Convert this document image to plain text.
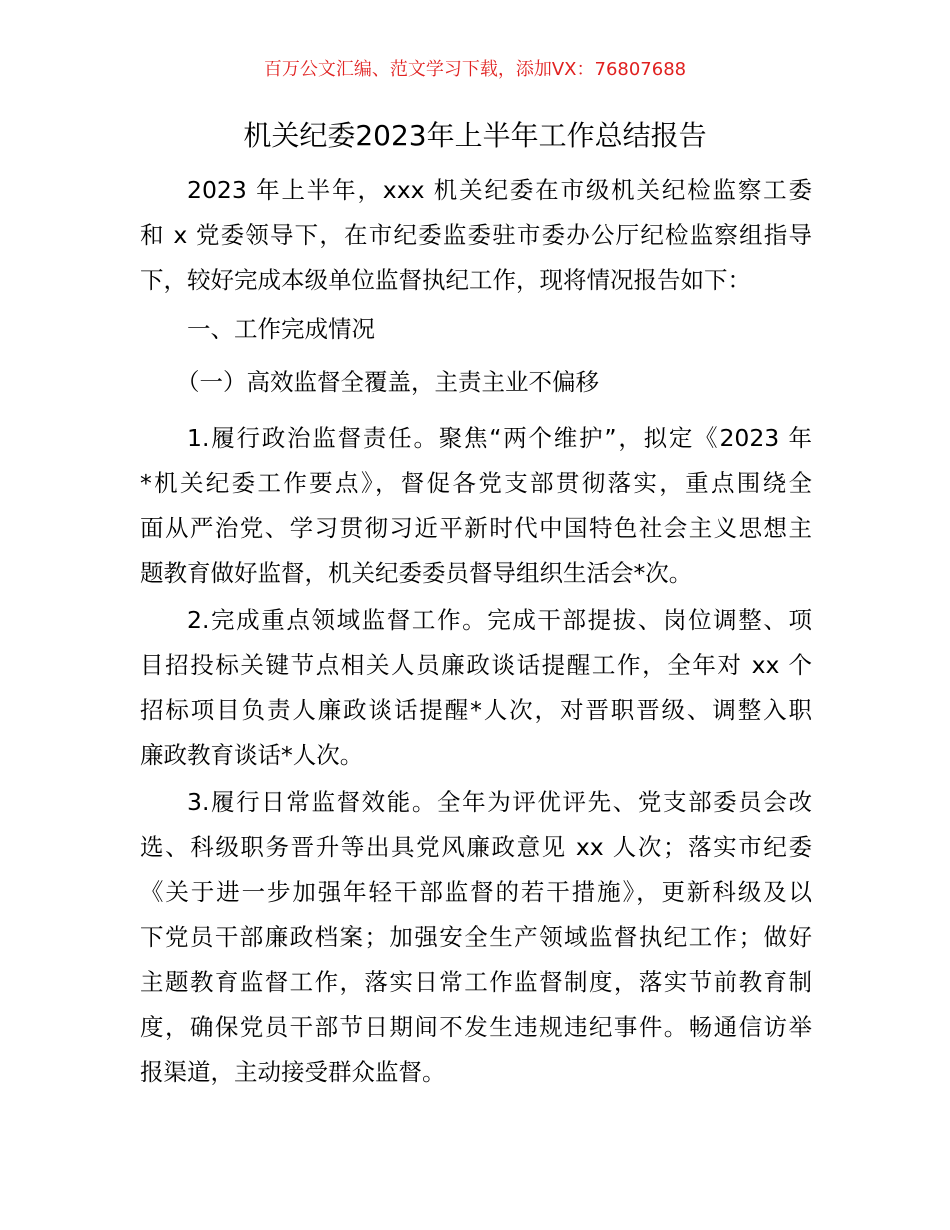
百万公文汇编、范文学习下载，添加VX：76807688
机关纪委2023年上半年工作总结报告
2023 年上半年，xxx 机关纪委在市级机关纪检监察工委
和 x 党委领导下，在市纪委监委驻市委办公厅纪检监察组指导
下，较好完成本级单位监督执纪工作，现将情况报告如下：
一、工作完成情况
（一）高效监督全覆盖，主责主业不偏移
1.履行政治监督责任。聚焦“两个维护”，拟定《2023 年
*机关纪委工作要点》，督促各党支部贯彻落实，重点围绕全
面从严治党、学习贯彻习近平新时代中国特色社会主义思想主
题教育做好监督，机关纪委委员督导组织生活会*次。
2.完成重点领域监督工作。完成干部提拔、岗位调整、项
目招投标关键节点相关人员廉政谈话提醒工作，全年对 xx 个
招标项目负责人廉政谈话提醒*人次，对晋职晋级、调整入职
廉政教育谈话*人次。
3.履行日常监督效能。全年为评优评先、党支部委员会改
选、科级职务晋升等出具党风廉政意见 xx 人次；落实市纪委
《关于进一步加强年轻干部监督的若干措施》，更新科级及以
下党员干部廉政档案；加强安全生产领域监督执纪工作；做好
主题教育监督工作，落实日常工作监督制度，落实节前教育制
度，确保党员干部节日期间不发生违规违纪事件。畅通信访举
报渠道，主动接受群众监督。
